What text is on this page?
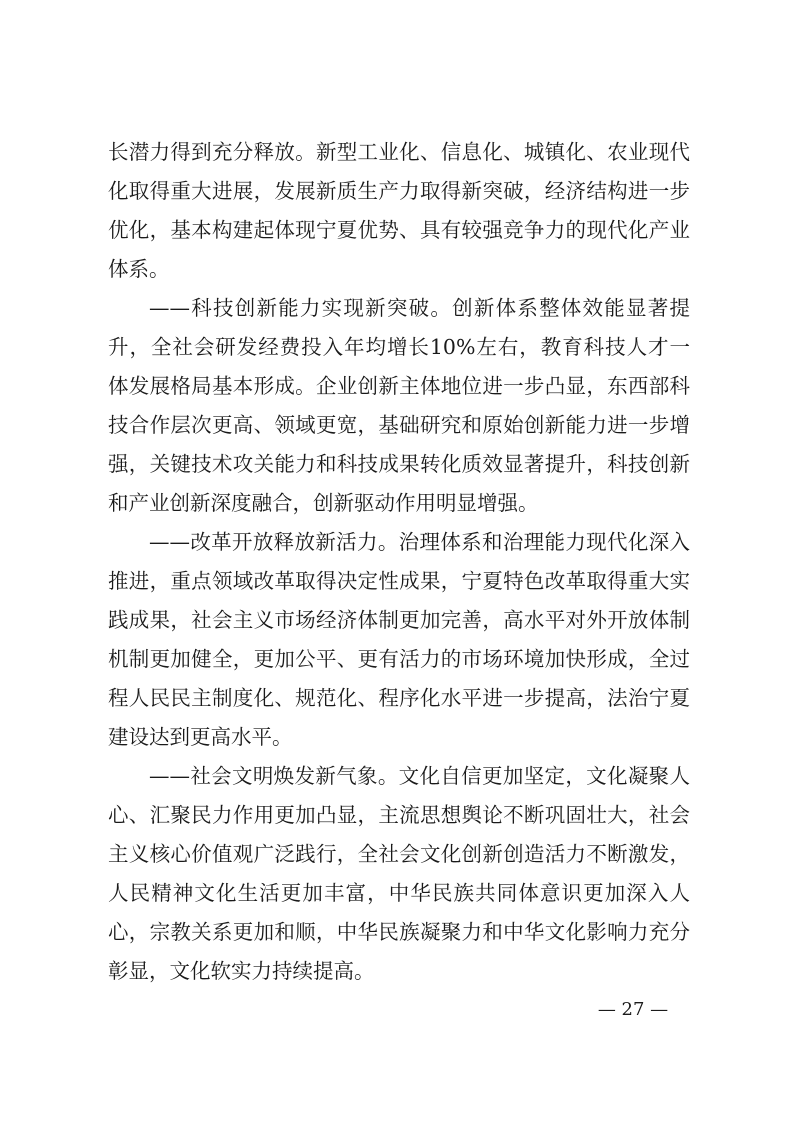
长潜力得到充分释放。新型工业化、信息化、城镇化、农业现代
化取得重大进展，发展新质生产力取得新突破，经济结构进一步
优化，基本构建起体现宁夏优势、具有较强竞争力的现代化产业
体系。
——科技创新能力实现新突破。创新体系整体效能显著提
升，全社会研发经费投入年均增长10%左右，教育科技人才一
体发展格局基本形成。企业创新主体地位进一步凸显，东西部科
技合作层次更高、领域更宽，基础研究和原始创新能力进一步增
强，关键技术攻关能力和科技成果转化质效显著提升，科技创新
和产业创新深度融合，创新驱动作用明显增强。
——改革开放释放新活力。治理体系和治理能力现代化深入
推进，重点领域改革取得决定性成果，宁夏特色改革取得重大实
践成果，社会主义市场经济体制更加完善，高水平对外开放体制
机制更加健全，更加公平、更有活力的市场环境加快形成，全过
程人民民主制度化、规范化、程序化水平进一步提高，法治宁夏
建设达到更高水平。
——社会文明焕发新气象。文化自信更加坚定，文化凝聚人
心、汇聚民力作用更加凸显，主流思想舆论不断巩固壮大，社会
主义核心价值观广泛践行，全社会文化创新创造活力不断激发，
人民精神文化生活更加丰富，中华民族共同体意识更加深入人
心，宗教关系更加和顺，中华民族凝聚力和中华文化影响力充分
彰显，文化软实力持续提高。
— 27 —
